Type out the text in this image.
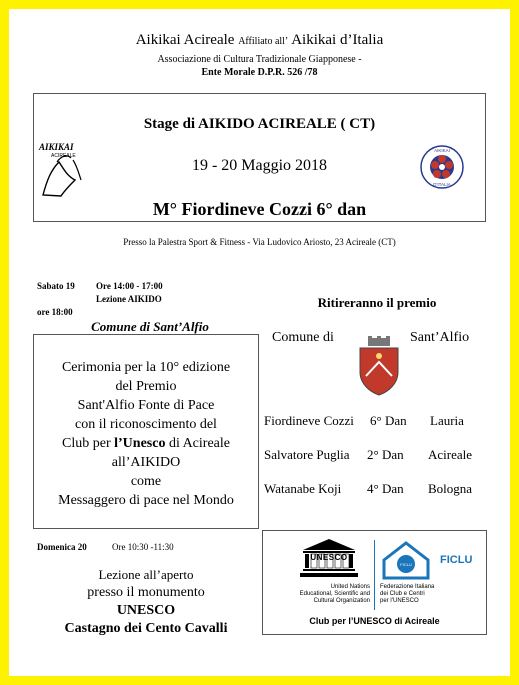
Aikikai Acireale Affiliato all’ Aikikai d’Italia
Associazione di Cultura Tradizionale Giapponese -
Ente Morale D.P.R. 526 /78
Stage di AIKIDO ACIREALE ( CT)
19 - 20 Maggio 2018
M° Fiordineve Cozzi 6° dan
AIKIKAI
ACIREALE
AIKIKAI
D'ITALIA
Presso la Palestra Sport & Fitness - Via Ludovico Ariosto, 23 Acireale (CT)
Sabato 19 Ore 14:00 - 17:00
Lezione AIKIDO
ore 18:00
Comune di Sant’Alfio
Cerimonia per la 10° edizione
del Premio
Sant'Alfio Fonte di Pace
con il riconoscimento del
Club per l’Unesco di Acireale
all’AIKIDO
come
Messaggero di pace nel Mondo
Ritireranno il premio
Comune di	Sant’Alfio
Fiordineve Cozzi 6° Dan Lauria
Salvatore Puglia 2° Dan Acireale
Watanabe Koji 4° Dan Bologna
Domenica 20	Ore 10:30 -11:30
Lezione all’aperto
presso il monumento
UNESCO
Castagno dei Cento Cavalli
UNESCO
United Nations
Educational, Scientific and
Cultural Organization
FICLU	FICLU
Federazione Italiana
dei Club e Centri
per l’UNESCO
Club per l’UNESCO di Acireale
